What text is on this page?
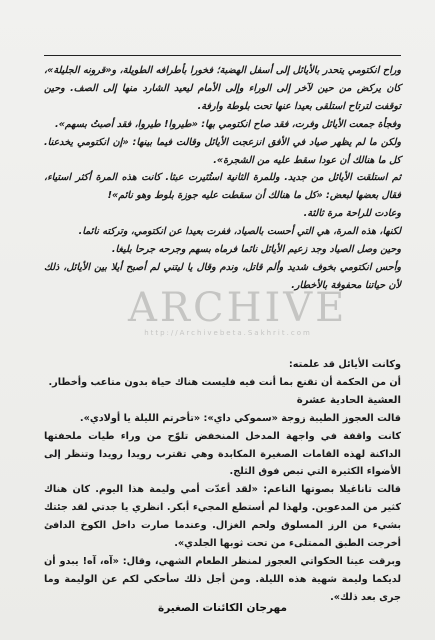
وراح انكتومي يتحدر بالأيائل إلى أسفل الهضبة؛ فخورا بأطرافه الطويلة، و«قرونه الجليلة»، كان يركض من حين لآخر إلى الوراء وإلى الأمام ليعيد الشارد منها إلى الصف. وحين توقفت لترتاح استلقى بعيدا عنها تحت بلوطة وارفة.

وفجأة جمعت الأيائل وفرت، فقد صاح انكتومي بها: «طيروا! طيروا، فقد أصبتُ بسهم».

ولكن ما لم يظهر صياد في الأفق انزعجت الأيائل وقالت فيما بينها: «إن انكتومي يخدعنا. كل ما هنالك أن عودا سقط عليه من الشجرة».

ثم استلقت الأيائل من جديد. وللمرة الثانية استُثيرت عبثا. كانت هذه المرة أكثر استياء، فقال بعضها لبعض: «كل ما هنالك أن سقطت عليه جوزة بلوط وهو نائم»!

وعادت للراحة مرة ثالثة.

لكنها، هذه المرة، هي التي أحست بالصياد، ففرت بعيدا عن انكتومي، وتركته نائما.

وحين وصل الصياد وجد زعيم الأيائل نائما فرماه بسهم وجرحه جرحا بليغا.

وأحس انكتومي بخوف شديد وألم قاتل، وندم وقال يا ليتني لم أصبح أيلا بين الأيائل، ذلك لأن حياتنا محفوفة بالأخطار.

ARCHIVE
http://Archivebeta.Sakhrit.com

وكانت الأيائل قد علمته:

أن من الحكمة أن تقنع بما أنت فيه فليست هناك حياة بدون متاعب وأخطار.

العشية الحادية عشرة

قالت العجوز الطيبة زوجة «سموكي داي»: «تأخرتم الليلة يا أولادي».

كانت واقفة في واجهة المدخل المنخفض تلوّح من وراء طيات ملحفتها الداكنة لهذه القامات الصغيرة المكابدة وهي تقترب رويدا رويدا وتنظر إلى الأضواء الكثيرة التي تبص فوق الثلج.

قالت تاناغيلا بصوتها الناعم: «لقد أعدّت أمي وليمة هذا اليوم. كان هناك كثير من المدعوين. ولهذا لم أستطع المجيء أبكر. انظري يا جدتي لقد جئتك بشيء من الرز المسلوق ولحم الغزال. وعندما صارت داخل الكوخ الدافئ أخرجت الطبق الممتلىء من تحت ثوبها الجلدي».

وبرقت عينا الحكواتي العجوز لمنظر الطعام الشهي، وقال: «آه، آه! يبدو أن لديكما وليمة شهية هذه الليلة. ومن أجل ذلك سأحكي لكم عن الوليمة وما جرى بعد ذلك».

مهرجان الكائنات الصغيرة
